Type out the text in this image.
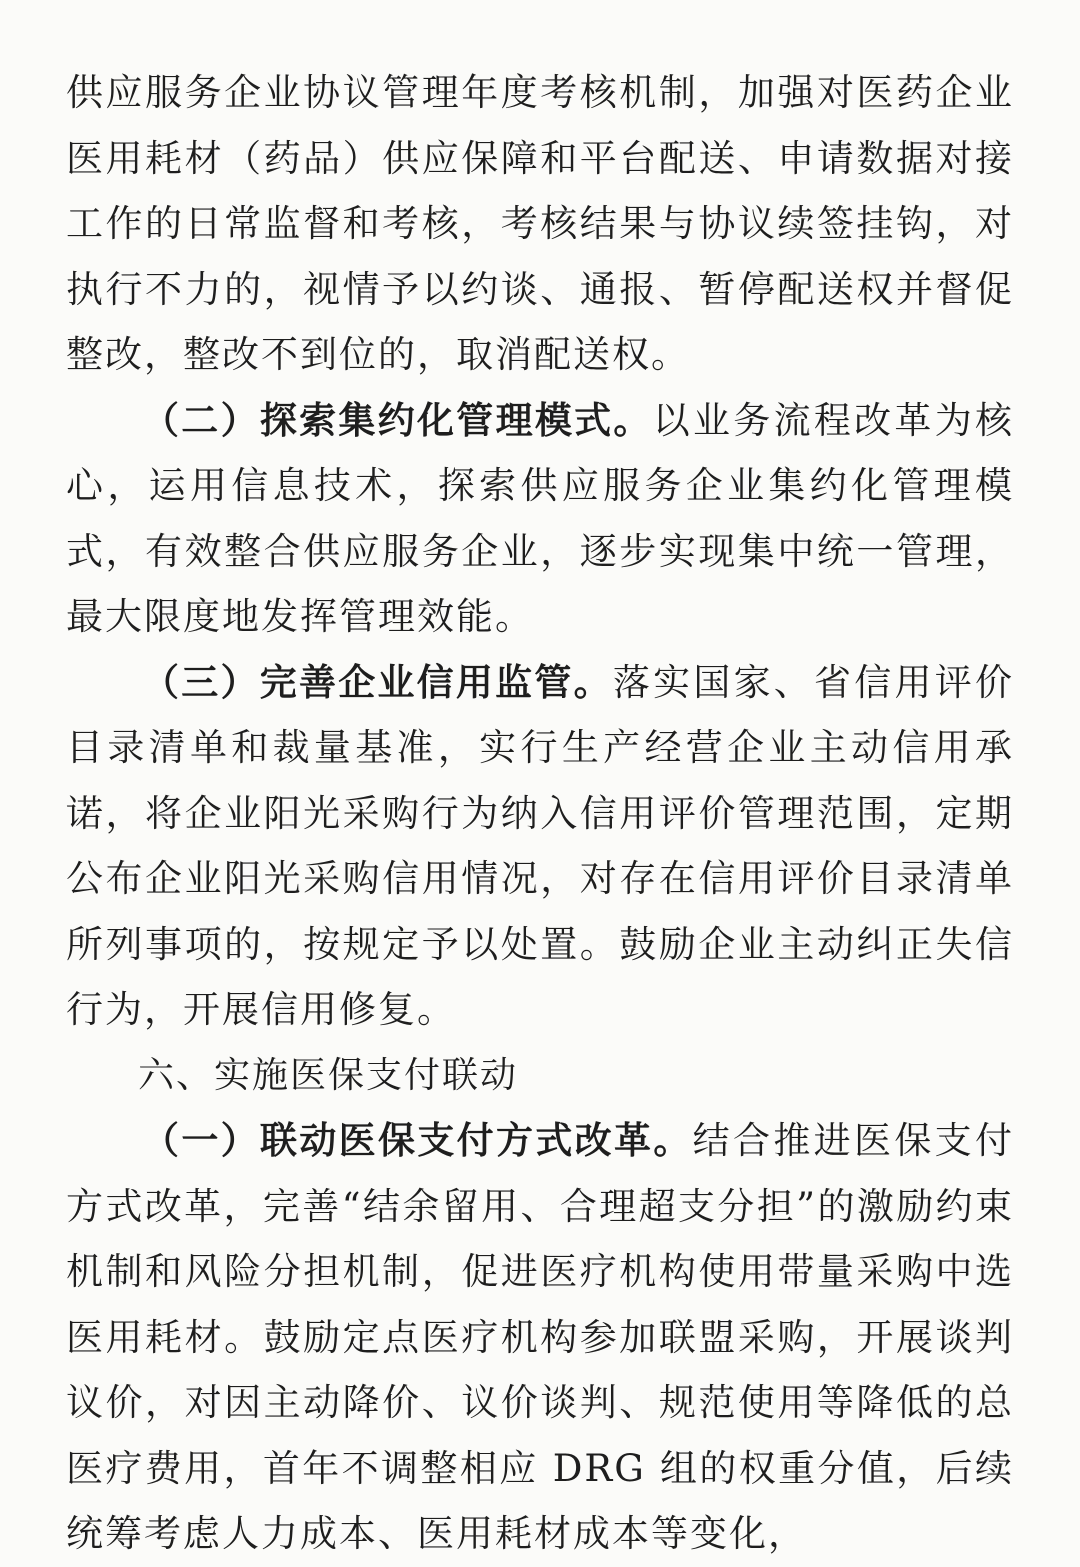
供应服务企业协议管理年度考核机制，加强对医药企业医用耗材（药品）供应保障和平台配送、申请数据对接工作的日常监督和考核，考核结果与协议续签挂钩，对执行不力的，视情予以约谈、通报、暂停配送权并督促整改，整改不到位的，取消配送权。

（二）探索集约化管理模式。以业务流程改革为核心，运用信息技术，探索供应服务企业集约化管理模式，有效整合供应服务企业，逐步实现集中统一管理，最大限度地发挥管理效能。

（三）完善企业信用监管。落实国家、省信用评价目录清单和裁量基准，实行生产经营企业主动信用承诺，将企业阳光采购行为纳入信用评价管理范围，定期公布企业阳光采购信用情况，对存在信用评价目录清单所列事项的，按规定予以处置。鼓励企业主动纠正失信行为，开展信用修复。

六、实施医保支付联动

（一）联动医保支付方式改革。结合推进医保支付方式改革，完善“结余留用、合理超支分担”的激励约束机制和风险分担机制，促进医疗机构使用带量采购中选医用耗材。鼓励定点医疗机构参加联盟采购，开展谈判议价，对因主动降价、议价谈判、规范使用等降低的总医疗费用，首年不调整相应 DRG 组的权重分值，后续统筹考虑人力成本、医用耗材成本等变化，
